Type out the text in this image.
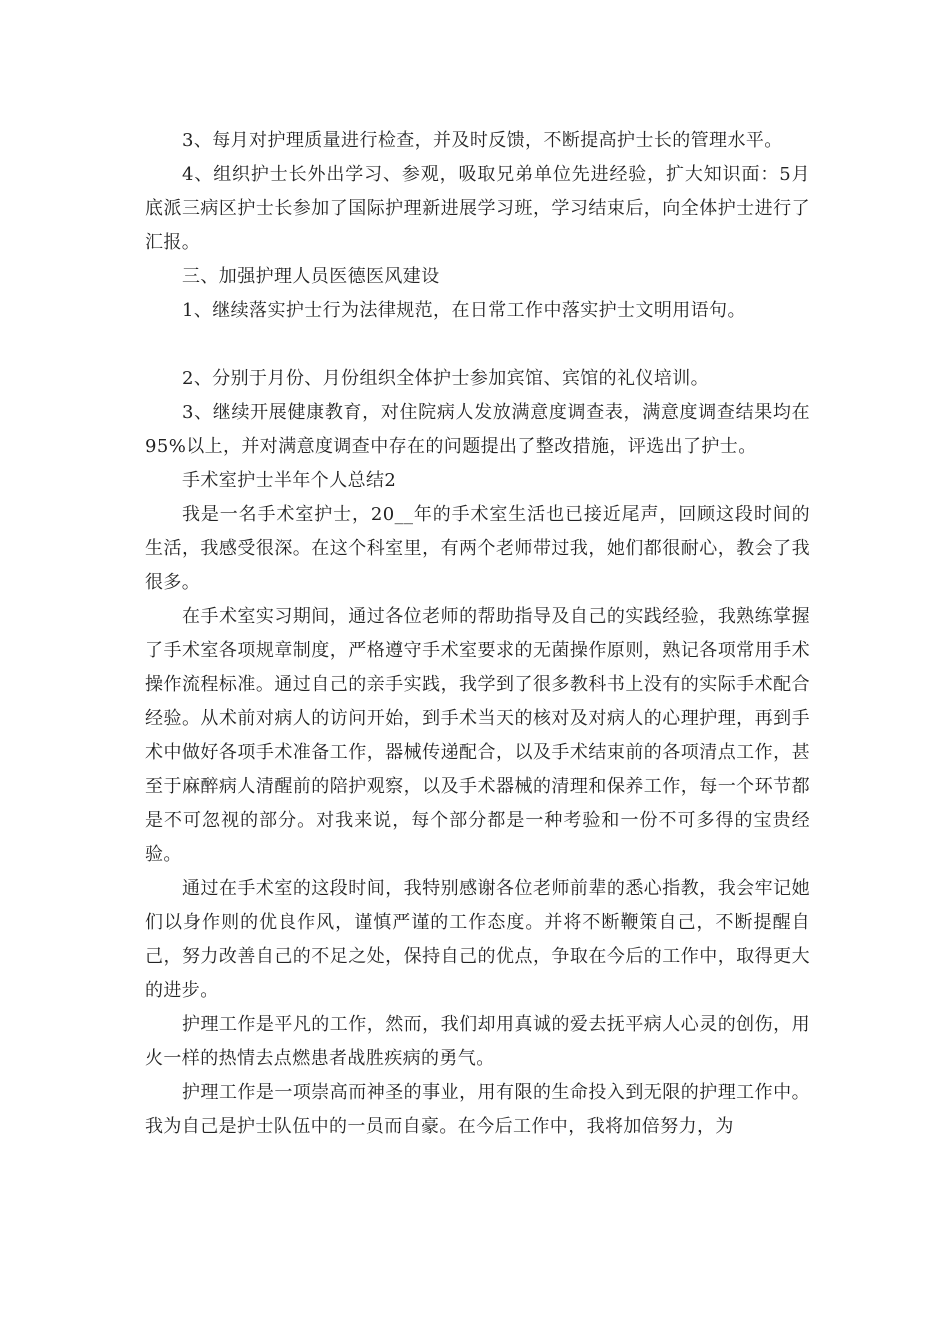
3、每月对护理质量进行检查，并及时反馈，不断提高护士长的管理水平。

4、组织护士长外出学习、参观，吸取兄弟单位先进经验，扩大知识面：5月底派三病区护士长参加了国际护理新进展学习班，学习结束后，向全体护士进行了汇报。

三、加强护理人员医德医风建设

1、继续落实护士行为法律规范，在日常工作中落实护士文明用语句。

2、分别于月份、月份组织全体护士参加宾馆、宾馆的礼仪培训。

3、继续开展健康教育，对住院病人发放满意度调查表，满意度调查结果均在95%以上，并对满意度调查中存在的问题提出了整改措施，评选出了护士。

手术室护士半年个人总结2

我是一名手术室护士，20__年的手术室生活也已接近尾声，回顾这段时间的生活，我感受很深。在这个科室里，有两个老师带过我，她们都很耐心，教会了我很多。

在手术室实习期间，通过各位老师的帮助指导及自己的实践经验，我熟练掌握了手术室各项规章制度，严格遵守手术室要求的无菌操作原则，熟记各项常用手术操作流程标准。通过自己的亲手实践，我学到了很多教科书上没有的实际手术配合经验。从术前对病人的访问开始，到手术当天的核对及对病人的心理护理，再到手术中做好各项手术准备工作，器械传递配合，以及手术结束前的各项清点工作，甚至于麻醉病人清醒前的陪护观察，以及手术器械的清理和保养工作，每一个环节都是不可忽视的部分。对我来说，每个部分都是一种考验和一份不可多得的宝贵经验。

通过在手术室的这段时间，我特别感谢各位老师前辈的悉心指教，我会牢记她们以身作则的优良作风，谨慎严谨的工作态度。并将不断鞭策自己，不断提醒自己，努力改善自己的不足之处，保持自己的优点，争取在今后的工作中，取得更大的进步。

护理工作是平凡的工作，然而，我们却用真诚的爱去抚平病人心灵的创伤，用火一样的热情去点燃患者战胜疾病的勇气。

护理工作是一项崇高而神圣的事业，用有限的生命投入到无限的护理工作中。我为自己是护士队伍中的一员而自豪。在今后工作中，我将加倍努力，为
